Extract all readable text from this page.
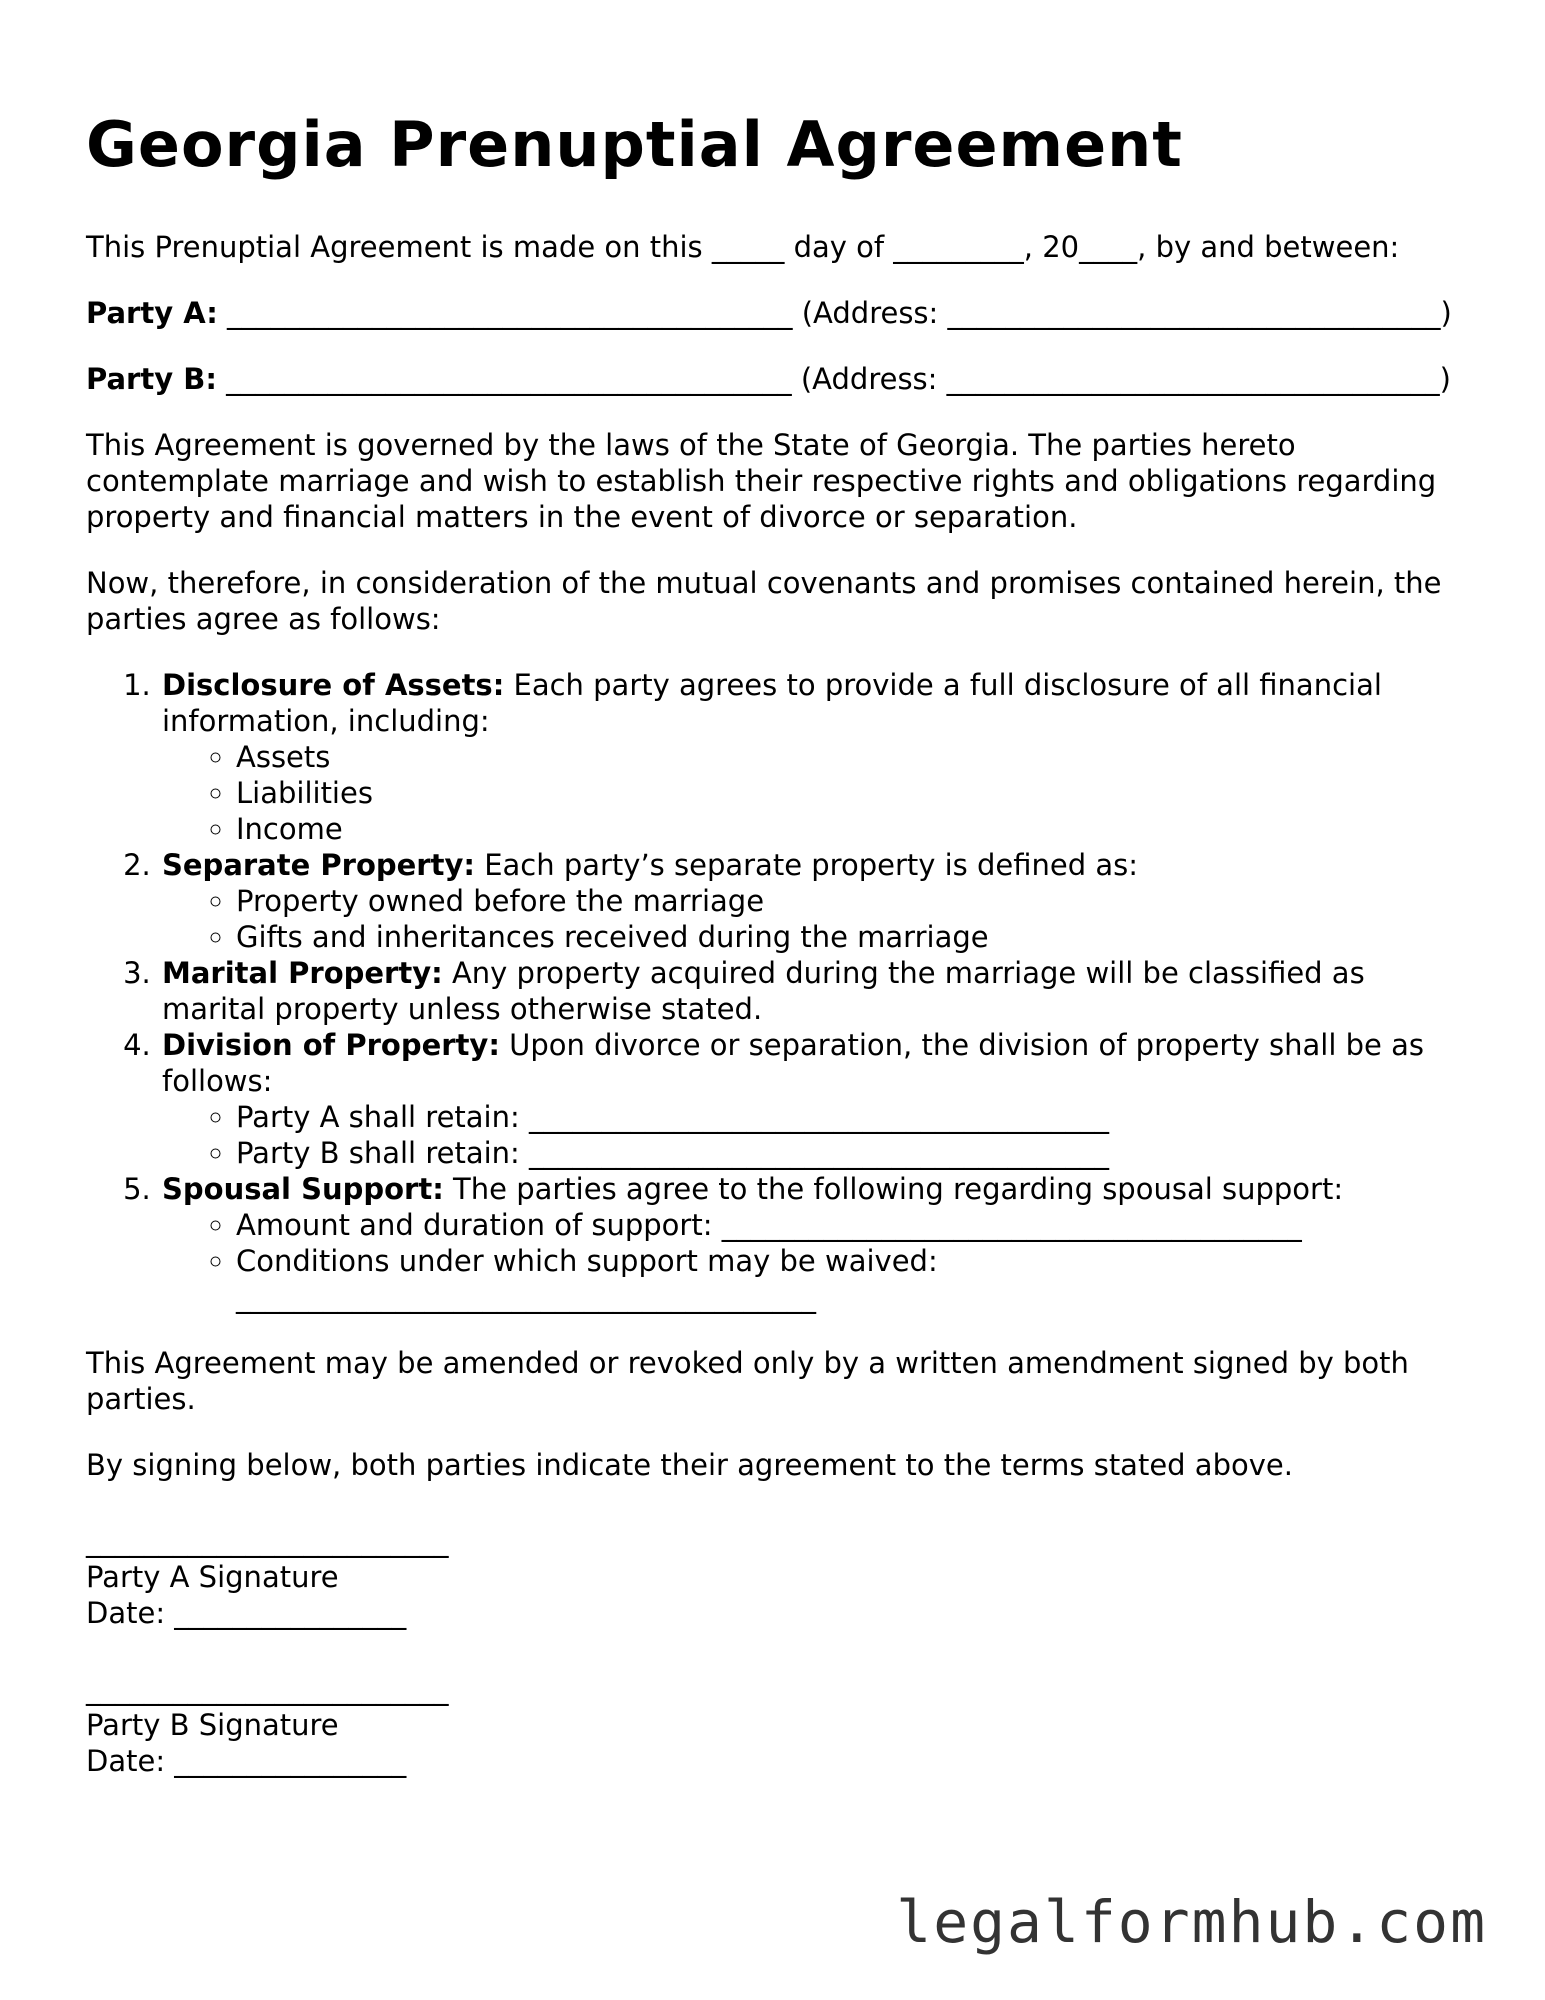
Georgia Prenuptial Agreement

This Prenuptial Agreement is made on this _____ day of _________, 20____, by and between:

Party A: _______________________________________ (Address: __________________________________)

Party B: _______________________________________ (Address: __________________________________)

This Agreement is governed by the laws of the State of Georgia. The parties hereto contemplate marriage and wish to establish their respective rights and obligations regarding property and financial matters in the event of divorce or separation.

Now, therefore, in consideration of the mutual covenants and promises contained herein, the parties agree as follows:

1. Disclosure of Assets: Each party agrees to provide a full disclosure of all financial information, including:
◦ Assets
◦ Liabilities
◦ Income
2. Separate Property: Each party’s separate property is defined as:
◦ Property owned before the marriage
◦ Gifts and inheritances received during the marriage
3. Marital Property: Any property acquired during the marriage will be classified as marital property unless otherwise stated.
4. Division of Property: Upon divorce or separation, the division of property shall be as follows:
◦ Party A shall retain: ________________________________________
◦ Party B shall retain: ________________________________________
5. Spousal Support: The parties agree to the following regarding spousal support:
◦ Amount and duration of support: ________________________________________
◦ Conditions under which support may be waived: ________________________________________

This Agreement may be amended or revoked only by a written amendment signed by both parties.

By signing below, both parties indicate their agreement to the terms stated above.

_________________________
Party A Signature
Date: ________________
_________________________
Party B Signature
Date: ________________
legalformhub.com
